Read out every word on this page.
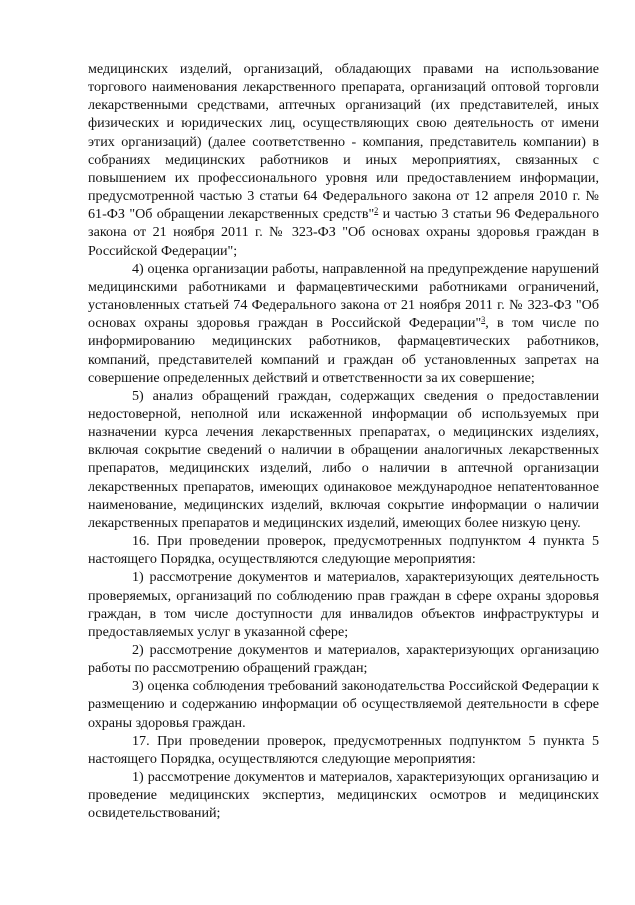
медицинских изделий, организаций, обладающих правами на использование торгового наименования лекарственного препарата, организаций оптовой торговли лекарственными средствами, аптечных организаций (их представителей, иных физических и юридических лиц, осуществляющих свою деятельность от имени этих организаций) (далее соответственно - компания, представитель компании) в собраниях медицинских работников и иных мероприятиях, связанных с повышением их профессионального уровня или предоставлением информации, предусмотренной частью 3 статьи 64 Федерального закона от 12 апреля 2010 г. № 61-ФЗ "Об обращении лекарственных средств"$^2$ и частью 3 статьи 96 Федерального закона от 21 ноября 2011 г. № 323-ФЗ "Об основах охраны здоровья граждан в Российской Федерации";

4) оценка организации работы, направленной на предупреждение нарушений медицинскими работниками и фармацевтическими работниками ограничений, установленных статьей 74 Федерального закона от 21 ноября 2011 г. № 323-ФЗ "Об основах охраны здоровья граждан в Российской Федерации"$^3$, в том числе по информированию медицинских работников, фармацевтических работников, компаний, представителей компаний и граждан об установленных запретах на совершение определенных действий и ответственности за их совершение;

5) анализ обращений граждан, содержащих сведения о предоставлении недостоверной, неполной или искаженной информации об используемых при назначении курса лечения лекарственных препаратах, о медицинских изделиях, включая сокрытие сведений о наличии в обращении аналогичных лекарственных препаратов, медицинских изделий, либо о наличии в аптечной организации лекарственных препаратов, имеющих одинаковое международное непатентованное наименование, медицинских изделий, включая сокрытие информации о наличии лекарственных препаратов и медицинских изделий, имеющих более низкую цену.

16. При проведении проверок, предусмотренных подпунктом 4 пункта 5 настоящего Порядка, осуществляются следующие мероприятия:

1) рассмотрение документов и материалов, характеризующих деятельность проверяемых, организаций по соблюдению прав граждан в сфере охраны здоровья граждан, в том числе доступности для инвалидов объектов инфраструктуры и предоставляемых услуг в указанной сфере;

2) рассмотрение документов и материалов, характеризующих организацию работы по рассмотрению обращений граждан;

3) оценка соблюдения требований законодательства Российской Федерации к размещению и содержанию информации об осуществляемой деятельности в сфере охраны здоровья граждан.

17. При проведении проверок, предусмотренных подпунктом 5 пункта 5 настоящего Порядка, осуществляются следующие мероприятия:

1) рассмотрение документов и материалов, характеризующих организацию и проведение медицинских экспертиз, медицинских осмотров и медицинских освидетельствований;
